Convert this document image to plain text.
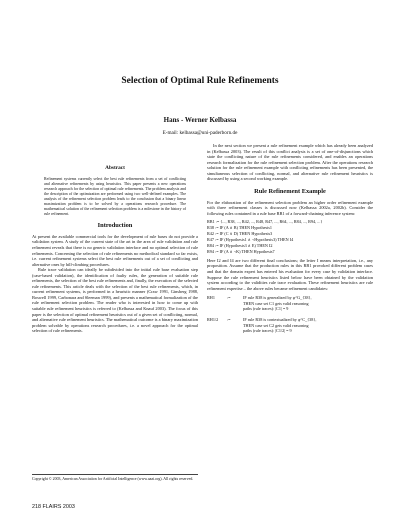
Selection of Optimal Rule Refinements
Hans - Werner Kelbassa
E-mail: kelbassa@uni-paderborn.de
Abstract

Refinement systems currently select the best rule refinements from a set of conflicting and alternative refinements by using heuristics. This paper presents a new operations research approach for the selection of optimal rule refinements. The problem analysis and the description of the optimization are performed using two well-defined examples. The analysis of the refinement selection problem leads to the conclusion that a binary linear maximization problem is to be solved by a operations research procedure. The mathematical solution of the refinement selection problem is a milestone in the history of rule refinement.

Introduction

At present the available commercial tools for the development of rule bases do not provide a validation system. A study of the current state of the art in the area of rule validation and rule refinement reveals that there is no generic validation interface and no optimal selection of rule refinements. Concerning the selection of rule refinements no methodical standard so far exists, i.e. current refinement systems select the best rule refinements out of a set of conflicting and alternative ones by hill-climbing procedures.

Rule trace validation can ideally be subdivided into the initial rule base evaluation step (case-based validation), the identification of faulty rules, the generation of suitable rule refinements, the selection of the best rule refinements and, finally, the execution of the selected rule refinements. This article deals with the selection of the best rule refinements, which, in current refinement systems, is performed in a heuristic manner (Craw 1991, Ginsberg 1988, Boswell 1999, Carbonara and Sleeman 1999), and presents a mathematical formalization of the rule refinement selection problem. The reader who is interested in how to come up with suitable rule refinement heuristics is referred to (Kelbassa and Knauf 2003). The focus of this paper is the selection of optimal refinement heuristics out of a given set of conflicting, normal, and alternative rule refinement heuristics. The mathematical outcome is a binary maximization problem solvable by operations research procedures, i.e. a novel approach for the optimal selection of rule refinements.

In the next section we present a rule refinement example which has already been analyzed in (Kelbassa 2003). The result of this conflict analysis is a set of one-of-disjunctions which state the conflicting nature of the rule refinements considered, and enables an operations research formalization for the rule refinement selection problem. After the operations research solution for the rule refinement example with conflicting refinements has been presented, the simultaneous selection of conflicting, normal, and alternative rule refinement heuristics is discussed by using a second working example.

Rule Refinement Example

For the elaboration of the refinement selection problem an higher order refinement example with three refinement classes is discussed now (Kelbassa 2002a, 2002b). Consider the following rules contained in a rule base RB1 of a forward-chaining inference system:

RB1 := {..., R38, ..., R42, ..., R48, R47, ..., R64, ..., R84, ..., R94, ...}
R38 := IF (A ∧ B) THEN Hypothesis1
R42 := IF (C ∨ D) THEN Hypothesis3
R47 := IF (Hypothesis1 ∧ ¬Hypothesis3) THEN I4
R84 := IF (Hypothesis3 ∧ E) THEN I2
R94 := IF (A ∧ ¬K) THEN Hypothesis7

Here I2 and I4 are two different final conclusions; the letter I means interpretation, i.e., any proposition. Assume that the production rules in this RB1 provoked different problem cases and that the domain expert has entered his evaluation for every case by validation interface. Suppose the rule refinement heuristics listed below have been obtained by the validation system according to the validities rule trace evaluation. These refinement heuristics are rule refinement expertise – the above rules became refinement candidates:

RH1	:=	IF rule R38 is generalized by φ^G_{38},
THEN case set C1 gets valid reasoning
paths (rule traces): |C1| = 9
RH1/2	:=	IF rule R38 is contextualized by φ^C_{38},
THEN case set C2 gets valid reasoning
paths (rule traces): |C1/2| = 9
Copyright © 2003, American Association for Artificial Intelligence (www.aaai.org). All rights reserved.
218 FLAIRS 2003
